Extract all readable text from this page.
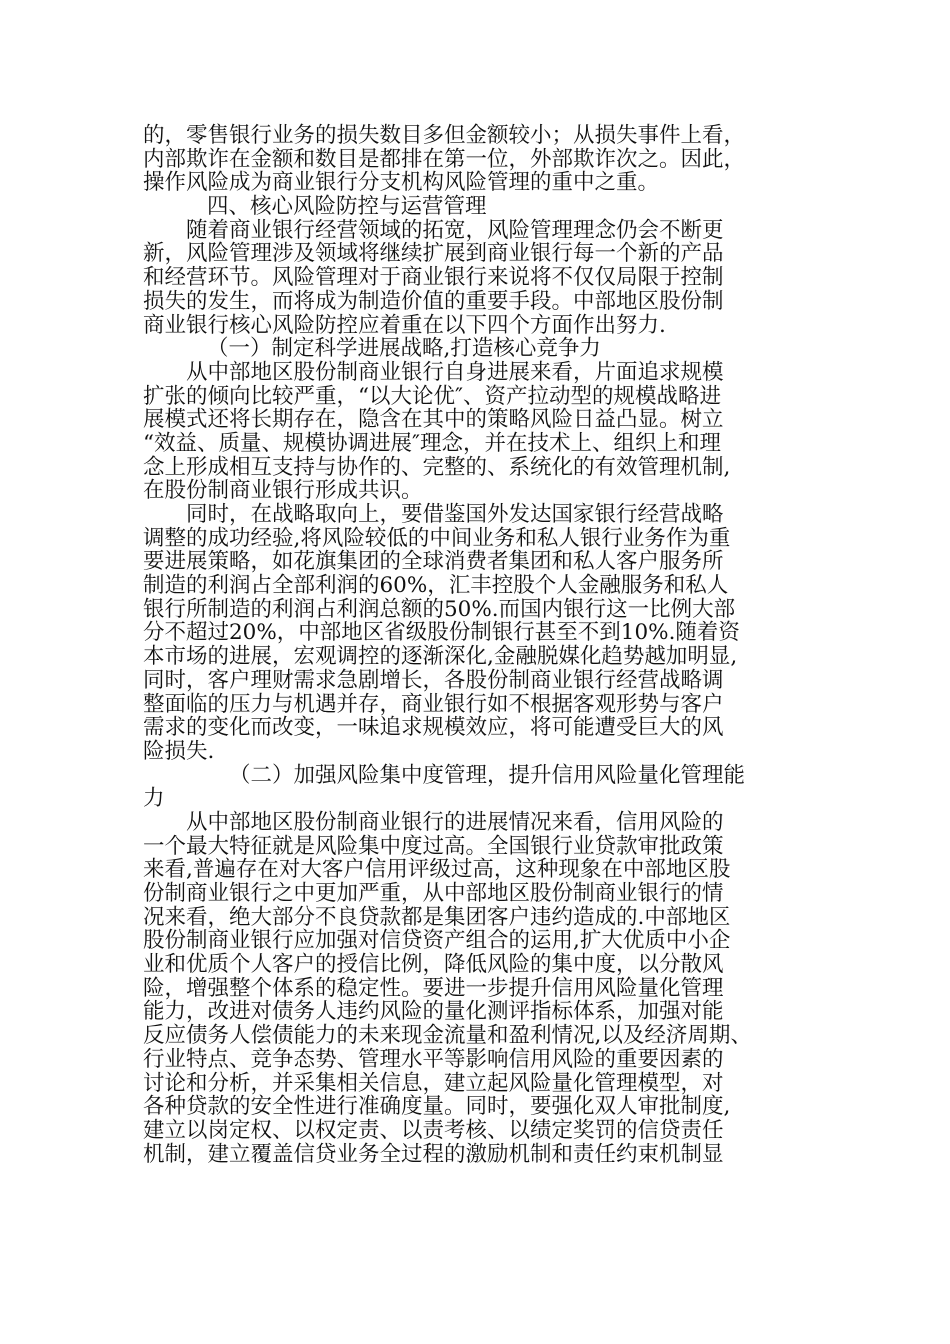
的，零售银行业务的损失数目多但金额较小；从损失事件上看，
内部欺诈在金额和数目是都排在第一位，外部欺诈次之。因此，
操作风险成为商业银行分支机构风险管理的重中之重。
四、核心风险防控与运营管理
随着商业银行经营领域的拓宽，风险管理理念仍会不断更
新，风险管理涉及领域将继续扩展到商业银行每一个新的产品
和经营环节。风险管理对于商业银行来说将不仅仅局限于控制
损失的发生，而将成为制造价值的重要手段。中部地区股份制
商业银行核心风险防控应着重在以下四个方面作出努力.
（一）制定科学进展战略,打造核心竞争力
从中部地区股份制商业银行自身进展来看，片面追求规模
扩张的倾向比较严重，“以大论优″、资产拉动型的规模战略进
展模式还将长期存在，隐含在其中的策略风险日益凸显。树立
“效益、质量、规模协调进展″理念，并在技术上、组织上和理
念上形成相互支持与协作的、完整的、系统化的有效管理机制,
在股份制商业银行形成共识。
同时，在战略取向上，要借鉴国外发达国家银行经营战略
调整的成功经验,将风险较低的中间业务和私人银行业务作为重
要进展策略，如花旗集团的全球消费者集团和私人客户服务所
制造的利润占全部利润的60%，汇丰控股个人金融服务和私人
银行所制造的利润占利润总额的50%.而国内银行这一比例大部
分不超过20%，中部地区省级股份制银行甚至不到10%.随着资
本市场的进展，宏观调控的逐渐深化,金融脱媒化趋势越加明显,
同时，客户理财需求急剧增长，各股份制商业银行经营战略调
整面临的压力与机遇并存，商业银行如不根据客观形势与客户
需求的变化而改变，一味追求规模效应，将可能遭受巨大的风
险损失.
（二）加强风险集中度管理，提升信用风险量化管理能
力
从中部地区股份制商业银行的进展情况来看，信用风险的
一个最大特征就是风险集中度过高。全国银行业贷款审批政策
来看,普遍存在对大客户信用评级过高，这种现象在中部地区股
份制商业银行之中更加严重，从中部地区股份制商业银行的情
况来看，绝大部分不良贷款都是集团客户违约造成的.中部地区
股份制商业银行应加强对信贷资产组合的运用,扩大优质中小企
业和优质个人客户的授信比例，降低风险的集中度，以分散风
险，增强整个体系的稳定性。要进一步提升信用风险量化管理
能力，改进对债务人违约风险的量化测评指标体系，加强对能
反应债务人偿债能力的未来现金流量和盈利情况,以及经济周期、
行业特点、竞争态势、管理水平等影响信用风险的重要因素的
讨论和分析，并采集相关信息，建立起风险量化管理模型，对
各种贷款的安全性进行准确度量。同时，要强化双人审批制度,
建立以岗定权、以权定责、以责考核、以绩定奖罚的信贷责任
机制，建立覆盖信贷业务全过程的激励机制和责任约束机制显
